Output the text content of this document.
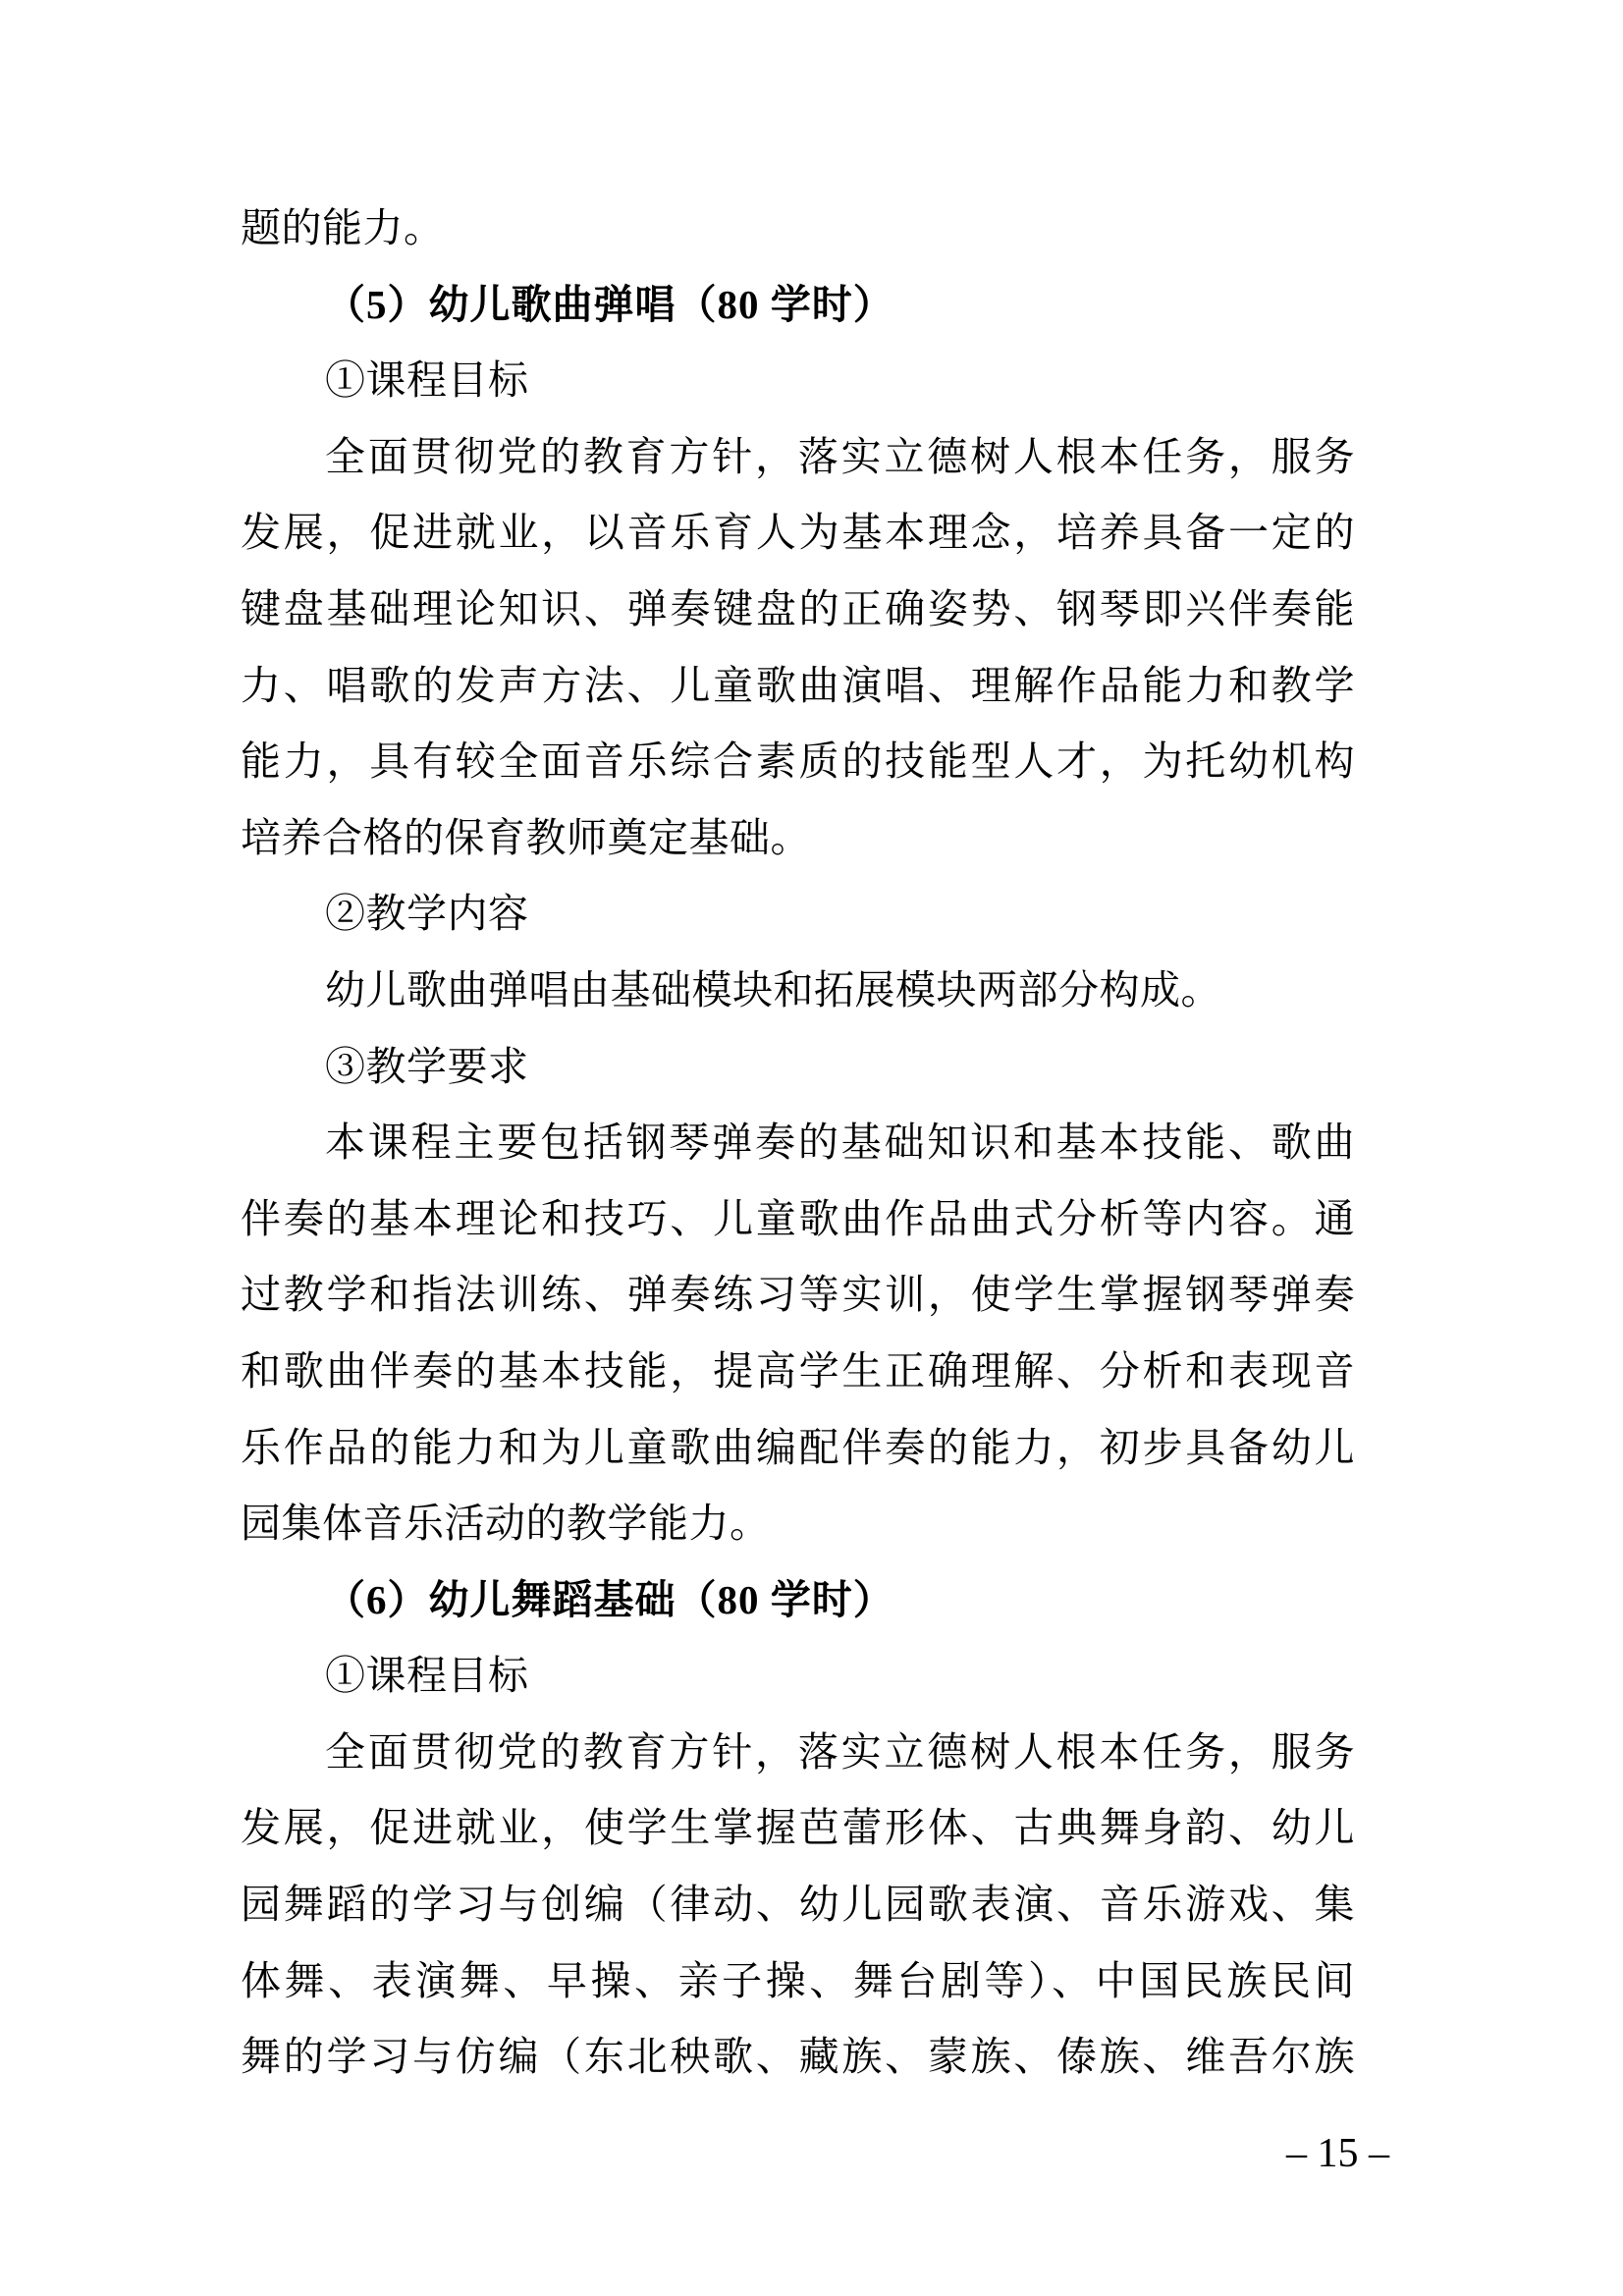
题的能力。
（5）幼儿歌曲弹唱（80 学时）
①课程目标
全面贯彻党的教育方针，落实立德树人根本任务，服务
发展，促进就业，以音乐育人为基本理念，培养具备一定的
键盘基础理论知识、弹奏键盘的正确姿势、钢琴即兴伴奏能
力、唱歌的发声方法、儿童歌曲演唱、理解作品能力和教学
能力，具有较全面音乐综合素质的技能型人才，为托幼机构
培养合格的保育教师奠定基础。
②教学内容
幼儿歌曲弹唱由基础模块和拓展模块两部分构成。
③教学要求
本课程主要包括钢琴弹奏的基础知识和基本技能、歌曲
伴奏的基本理论和技巧、儿童歌曲作品曲式分析等内容。通
过教学和指法训练、弹奏练习等实训，使学生掌握钢琴弹奏
和歌曲伴奏的基本技能，提高学生正确理解、分析和表现音
乐作品的能力和为儿童歌曲编配伴奏的能力，初步具备幼儿
园集体音乐活动的教学能力。
（6）幼儿舞蹈基础（80 学时）
①课程目标
全面贯彻党的教育方针，落实立德树人根本任务，服务
发展，促进就业，使学生掌握芭蕾形体、古典舞身韵、幼儿
园舞蹈的学习与创编（律动、幼儿园歌表演、音乐游戏、集
体舞、表演舞、早操、亲子操、舞台剧等）、中国民族民间
舞的学习与仿编（东北秧歌、藏族、蒙族、傣族、维吾尔族
– 15 –
